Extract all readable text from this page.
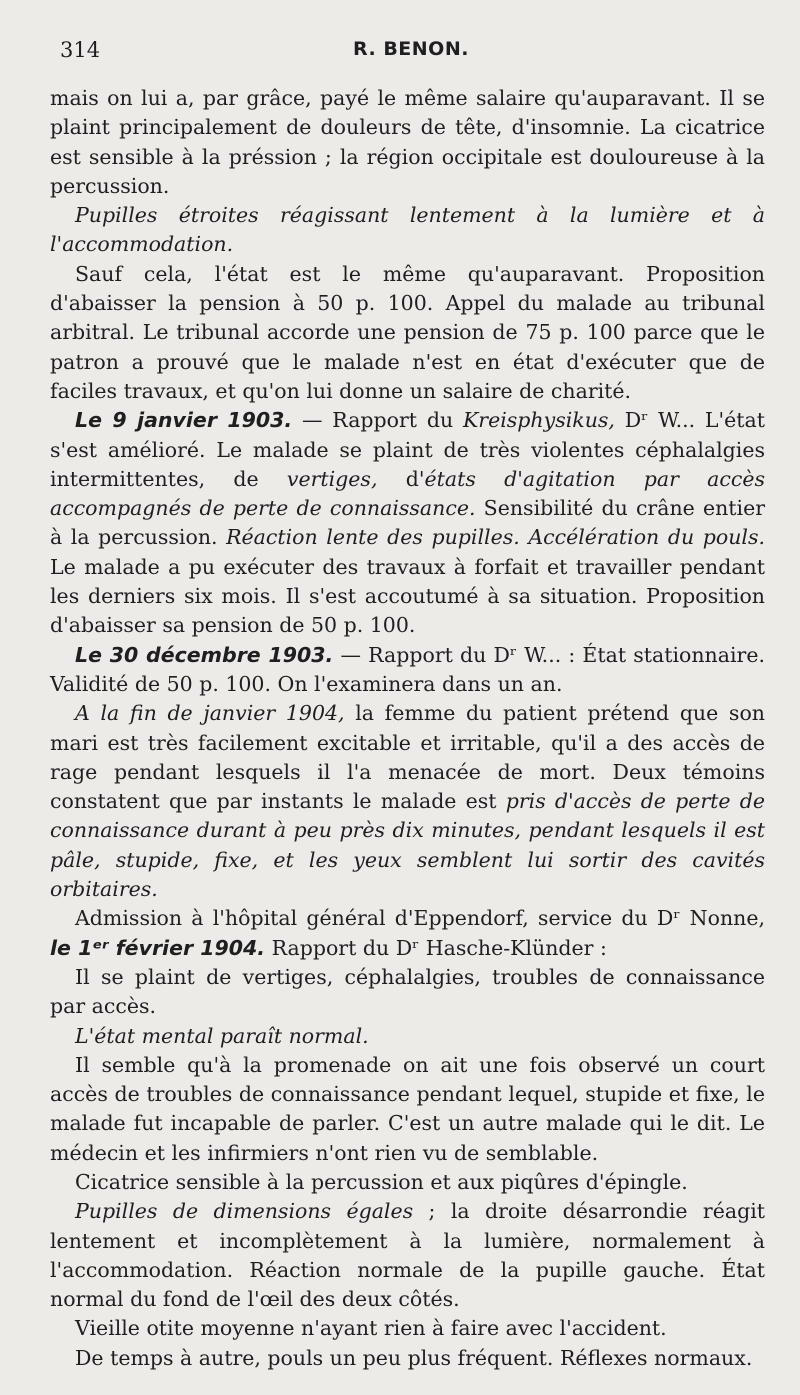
314	R. BENON.

mais on lui a, par grâce, payé le même salaire qu'auparavant. Il se plaint principalement de douleurs de tête, d'insomnie. La cicatrice est sensible à la préssion ; la région occipitale est douloureuse à la percussion.

Pupilles étroites réagissant lentement à la lumière et à l'accommodation.

Sauf cela, l'état est le même qu'auparavant. Proposition d'abaisser la pension à 50 p. 100. Appel du malade au tribunal arbitral. Le tribunal accorde une pension de 75 p. 100 parce que le patron a prouvé que le malade n'est en état d'exécuter que de faciles travaux, et qu'on lui donne un salaire de charité.

Le 9 janvier 1903. — Rapport du Kreisphysikus, Dʳ W... L'état s'est amélioré. Le malade se plaint de très violentes céphalalgies intermittentes, de vertiges, d'états d'agitation par accès accompagnés de perte de connaissance. Sensibilité du crâne entier à la percussion. Réaction lente des pupilles. Accélération du pouls. Le malade a pu exécuter des travaux à forfait et travailler pendant les derniers six mois. Il s'est accoutumé à sa situation. Proposition d'abaisser sa pension de 50 p. 100.

Le 30 décembre 1903. — Rapport du Dʳ W... : État stationnaire. Validité de 50 p. 100. On l'examinera dans un an.

A la fin de janvier 1904, la femme du patient prétend que son mari est très facilement excitable et irritable, qu'il a des accès de rage pendant lesquels il l'a menacée de mort. Deux témoins constatent que par instants le malade est pris d'accès de perte de connaissance durant à peu près dix minutes, pendant lesquels il est pâle, stupide, fixe, et les yeux semblent lui sortir des cavités orbitaires.

Admission à l'hôpital général d'Eppendorf, service du Dʳ Nonne, le 1ᵉʳ février 1904. Rapport du Dʳ Hasche-Klünder :

Il se plaint de vertiges, céphalalgies, troubles de connaissance par accès.

L'état mental paraît normal.

Il semble qu'à la promenade on ait une fois observé un court accès de troubles de connaissance pendant lequel, stupide et fixe, le malade fut incapable de parler. C'est un autre malade qui le dit. Le médecin et les infirmiers n'ont rien vu de semblable.

Cicatrice sensible à la percussion et aux piqûres d'épingle.

Pupilles de dimensions égales ; la droite désarrondie réagit lentement et incomplètement à la lumière, normalement à l'accommodation. Réaction normale de la pupille gauche. État normal du fond de l'œil des deux côtés.

Vieille otite moyenne n'ayant rien à faire avec l'accident.

De temps à autre, pouls un peu plus fréquent. Réflexes normaux.
